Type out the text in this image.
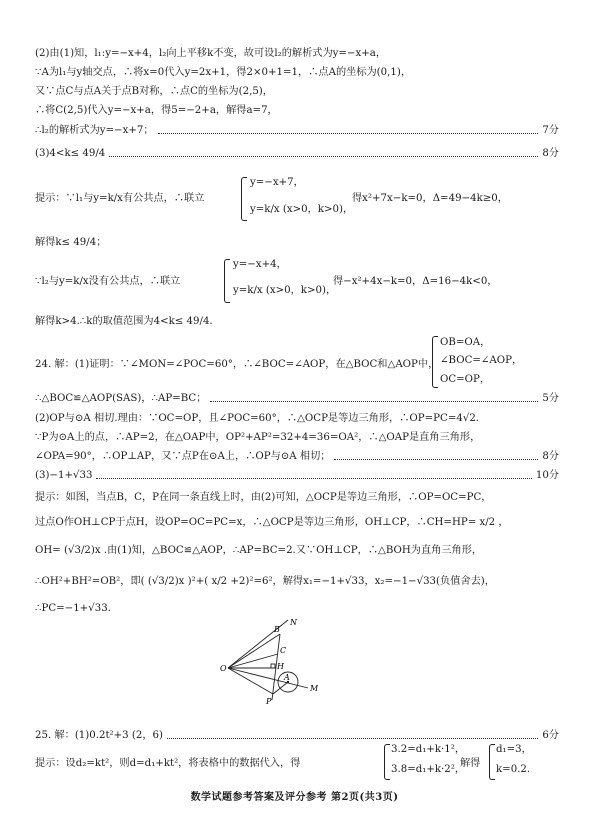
(2)由(1)知，l₁:y=−x+4，l₂向上平移k不变，故可设l₂的解析式为y=−x+a，
∵A为l₁与y轴交点，∴将x=0代入y=2x+1，得2×0+1=1，∴点A的坐标为(0,1)，
又∵点C与点A关于点B对称，∴点C的坐标为(2,5)，
∴将C(2,5)代入y=−x+a，得5=−2+a，解得a=7，
∴l₂的解析式为y=−x+7；	7分
(3)4<k≤ 49/4	8分
提示：∵l₁与y=k/x有公共点，∴联立
y=−x+7，
y=k/x (x>0，k>0)，
得x²+7x−k=0，Δ=49−4k≥0，
解得k≤ 49/4；
∵l₂与y=k/x没有公共点，∴联立
y=−x+4，
y=k/x (x>0，k>0)，
得−x²+4x−k=0，Δ=16−4k<0，
解得k>4.∴k的取值范围为4<k≤ 49/4.
24. 解：(1)证明：∵∠MON=∠POC=60°，∴∠BOC=∠AOP，在△BOC和△AOP中，
OB=OA，
∠BOC=∠AOP，
OC=OP，
∴△BOC≌△AOP(SAS)，∴AP=BC；	5分
(2)OP与⊙A 相切.理由：∵OC=OP，且∠POC=60°，∴△OCP是等边三角形，∴OP=PC=4√2.
∵P为⊙A上的点，∴AP=2，在△OAP中，OP²+AP²=32+4=36=OA²，∴△OAP是直角三角形，
∠OPA=90°，∴OP⊥AP，又∵点P在⊙A上，∴OP与⊙A 相切；	8分
(3)−1+√33	10分
提示：如图，当点B，C，P在同一条直线上时，由(2)可知，△OCP是等边三角形，∴OP=OC=PC，
过点O作OH⊥CP于点H，设OP=OC=PC=x，∴△OCP是等边三角形，OH⊥CP，∴CH=HP= x/2 ，
OH= (√3/2)x .由(1)知，△BOC≌△AOP，∴AP=BC=2.又∵OH⊥CP，∴△BOH为直角三角形，
∴OH²+BH²=OB²，即( (√3/2)x )²+( x/2 +2)²=6²，解得x₁=−1+√33，x₂=−1−√33(负值舍去)，
∴PC=−1+√33.
N
B
C
H
A
M
P
O
25. 解：(1)0.2t²+3 (2，6)	6分
提示：设d₂=kt²，则d=d₁+kt²，将表格中的数据代入，得
3.2=d₁+k·1²，
3.8=d₁+k·2²，
解得
d₁=3，
k=0.2.
数学试题参考答案及评分参考 第2页(共3页)
